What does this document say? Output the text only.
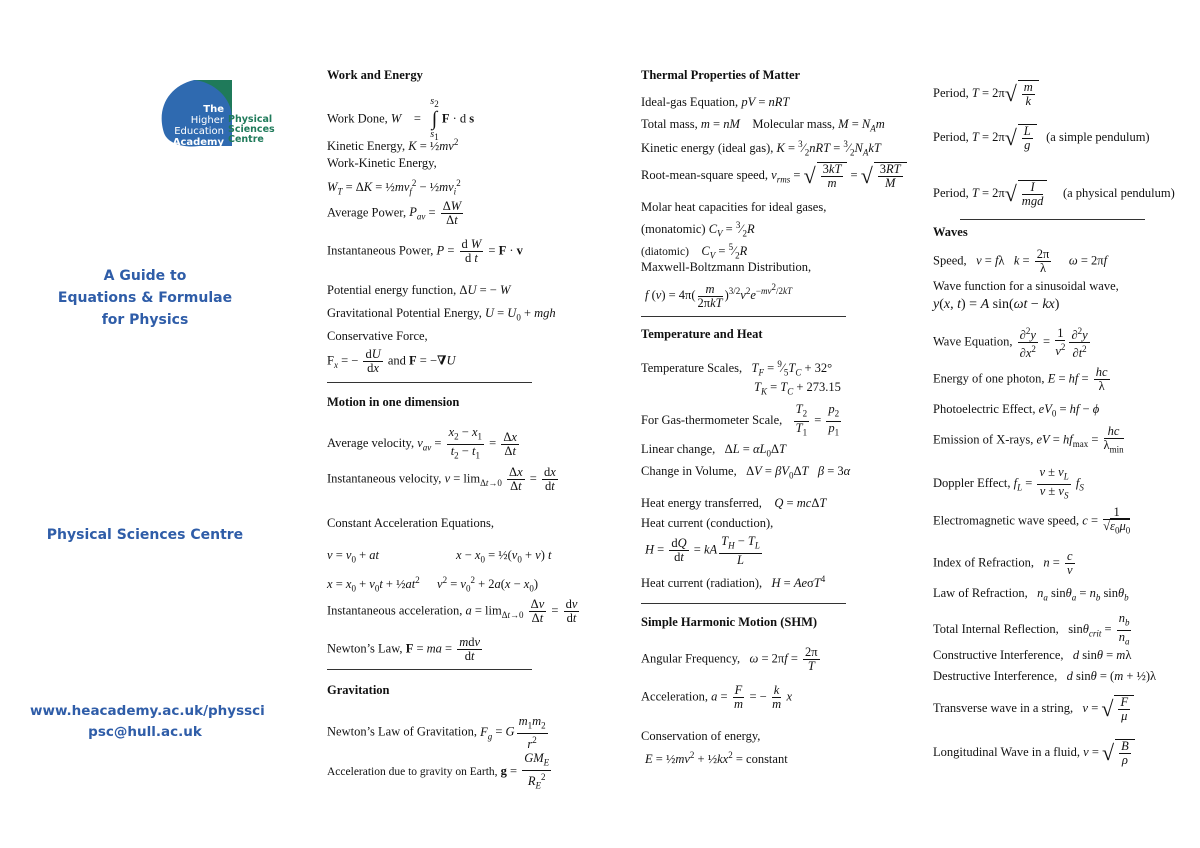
The
Higher
Education
Academy
Physical
Sciences
Centre
A Guide to
Equations & Formulae
for Physics
Physical Sciences Centre
www.heacademy.ac.uk/physsci
psc@hull.ac.uk
Work and Energy
Work Done, W    =   $s_2$
∫
$s_1$ F · d s
Kinetic Energy, $K = \frac{1}{2}mv^2$
Work-Kinetic Energy,
$W_T = \Delta K$ = $\frac{1}{2}mv_f^2$ − $\frac{1}{2}mv_i^2$
Average Power, $P_{av} = \frac{\Delta W}{\Delta t}$
Instantaneous Power, $P = \frac{\text{d W}}{\text{d t}} = F \cdot v$
Potential energy function, ΔU = − W
Gravitational Potential Energy, $U = U_0$ + mgh
Conservative Force,
$F_x$ = − $\frac{dU}{dx}$ and F = −∇U
Motion in one dimension
Average velocity, $v_{av} = \frac{x_2 - x_1}{t_2 - t_1} = \frac{\Delta x}{\Delta t}$
Instantaneous velocity, $v = \lim_{\Delta t\to 0} \frac{\Delta x}{\Delta t} = \frac{dx}{dt}$
Constant Acceleration Equations,
$v = v_0$ + at	$x - x_0$ = $\frac{1}{2}(v_0 + v)$ t
$x = x_0 + v_0t$ + $\frac{1}{2}at^2$ $v^2 = v_0^2 + 2a(x - x_0)$
Instantaneous acceleration, $a = \lim_{\Delta t\to 0} \frac{\Delta v}{\Delta t} = \frac{dv}{dt}$
Newton’s Law, F = ma = mdv
dt
Gravitation
Newton’s Law of Gravitation, $F_g = G \frac{m_1m_2}{r^2}$
Acceleration due to gravity on Earth, g =
$GM_E$
$R_E^2$
Thermal Properties of Matter
Ideal-gas Equation, pV = nRT
Total mass, m = nM Molecular mass, $M = N_Am$
Kinetic energy (ideal gas), $K = ^3⁄_2nRT$ = $^3⁄_2N_AkT$
Root-mean-square speed, $v_{rms}$ = √ $\frac{3kT}{m}$ = √ $\frac{3RT}{M}$
Molar heat capacities for ideal gases,
(monatomic) $C_V$ = $^3⁄_2R$
(diatomic) $C_V$ = $^5⁄_2R$
Maxwell-Boltzmann Distribution,
f (v) = 4π( m
2πkT
)$^{3/2}v^2e^{-mv^2/2kT}$
Temperature and Heat
Temperature Scales, $T_F$ = $^9⁄_5T_C + 32^\circ$
$T_K = T_C + 273.15$
For Gas-thermometer Scale, $\frac{T_2}{T_1} = \frac{p_2}{p_1}$
Linear change,   $\Delta L = \alpha L_0\Delta T$
Change in Volume,   $\Delta V = \beta V_0\Delta T$ β = 3α
Heat energy transferred, Q = mcΔT
Heat current (conduction),
$H = \frac{dQ}{dt}$ = kA $\frac{T_H - T_L}{L}$
Heat current (radiation), H = AeσT$^4$
Simple Harmonic Motion (SHM)
Angular Frequency, $\omega = 2\pi f = \frac{2\pi}{T}$
Acceleration, $a = \frac{F}{m}$ = − $\frac{k}{m}$ x
Conservation of energy,
$E = \frac{1}{2}mv^2$ + $\frac{1}{2}kx^2$ = constant
Period, $T = 2\pi√ \frac{m}{k}$
Period, $T = 2\pi√ \frac{L}{g} (a$ simple pendulum)
Period, T = 2π√	I
mgd
(a physical pendulum)
Waves
Speed, v = fλ   $k = \frac{2\pi}{\lambda}$ ω = 2πf
Wave function for a sinusoidal wave,
y(x, t) = A sin(ωt − kx)
Wave Equation, $\frac{\partial^2y}{\partial x^2} = \frac{1}{v^2} \frac{\partial^2y}{\partial t^2}$
Energy of one photon, E = hf = $\frac{hc}{\lambda}$
Photoelectric Effect, $eV_0$ = hf − ϕ
Emission of X-rays, eV = $hf_{max}$ =
hc
$\lambda_{min}$
Doppler Effect, $f_L = \frac{v \pm v_L}{v \pm v_S} f_S$
Electromagnetic wave speed, $c = \frac{1}{√\varepsilon_0\mu_0}$
Index of Refraction, $n = \frac{c}{v}$
Law of Refraction, $n_a$ $\sin\theta_a = n_b$ sinθ$_b$
Total Internal Reflection,   $\sin\theta_{crit} = \frac{n_b}{n_a}$
Constructive Interference, d sinθ = mλ
Destructive Interference, d sinθ = (m + ½)λ
Transverse wave in a string, v = √ $\frac{F}{\mu}$
Longitudinal Wave in a fluid, v = √ $\frac{B}{\rho}$
